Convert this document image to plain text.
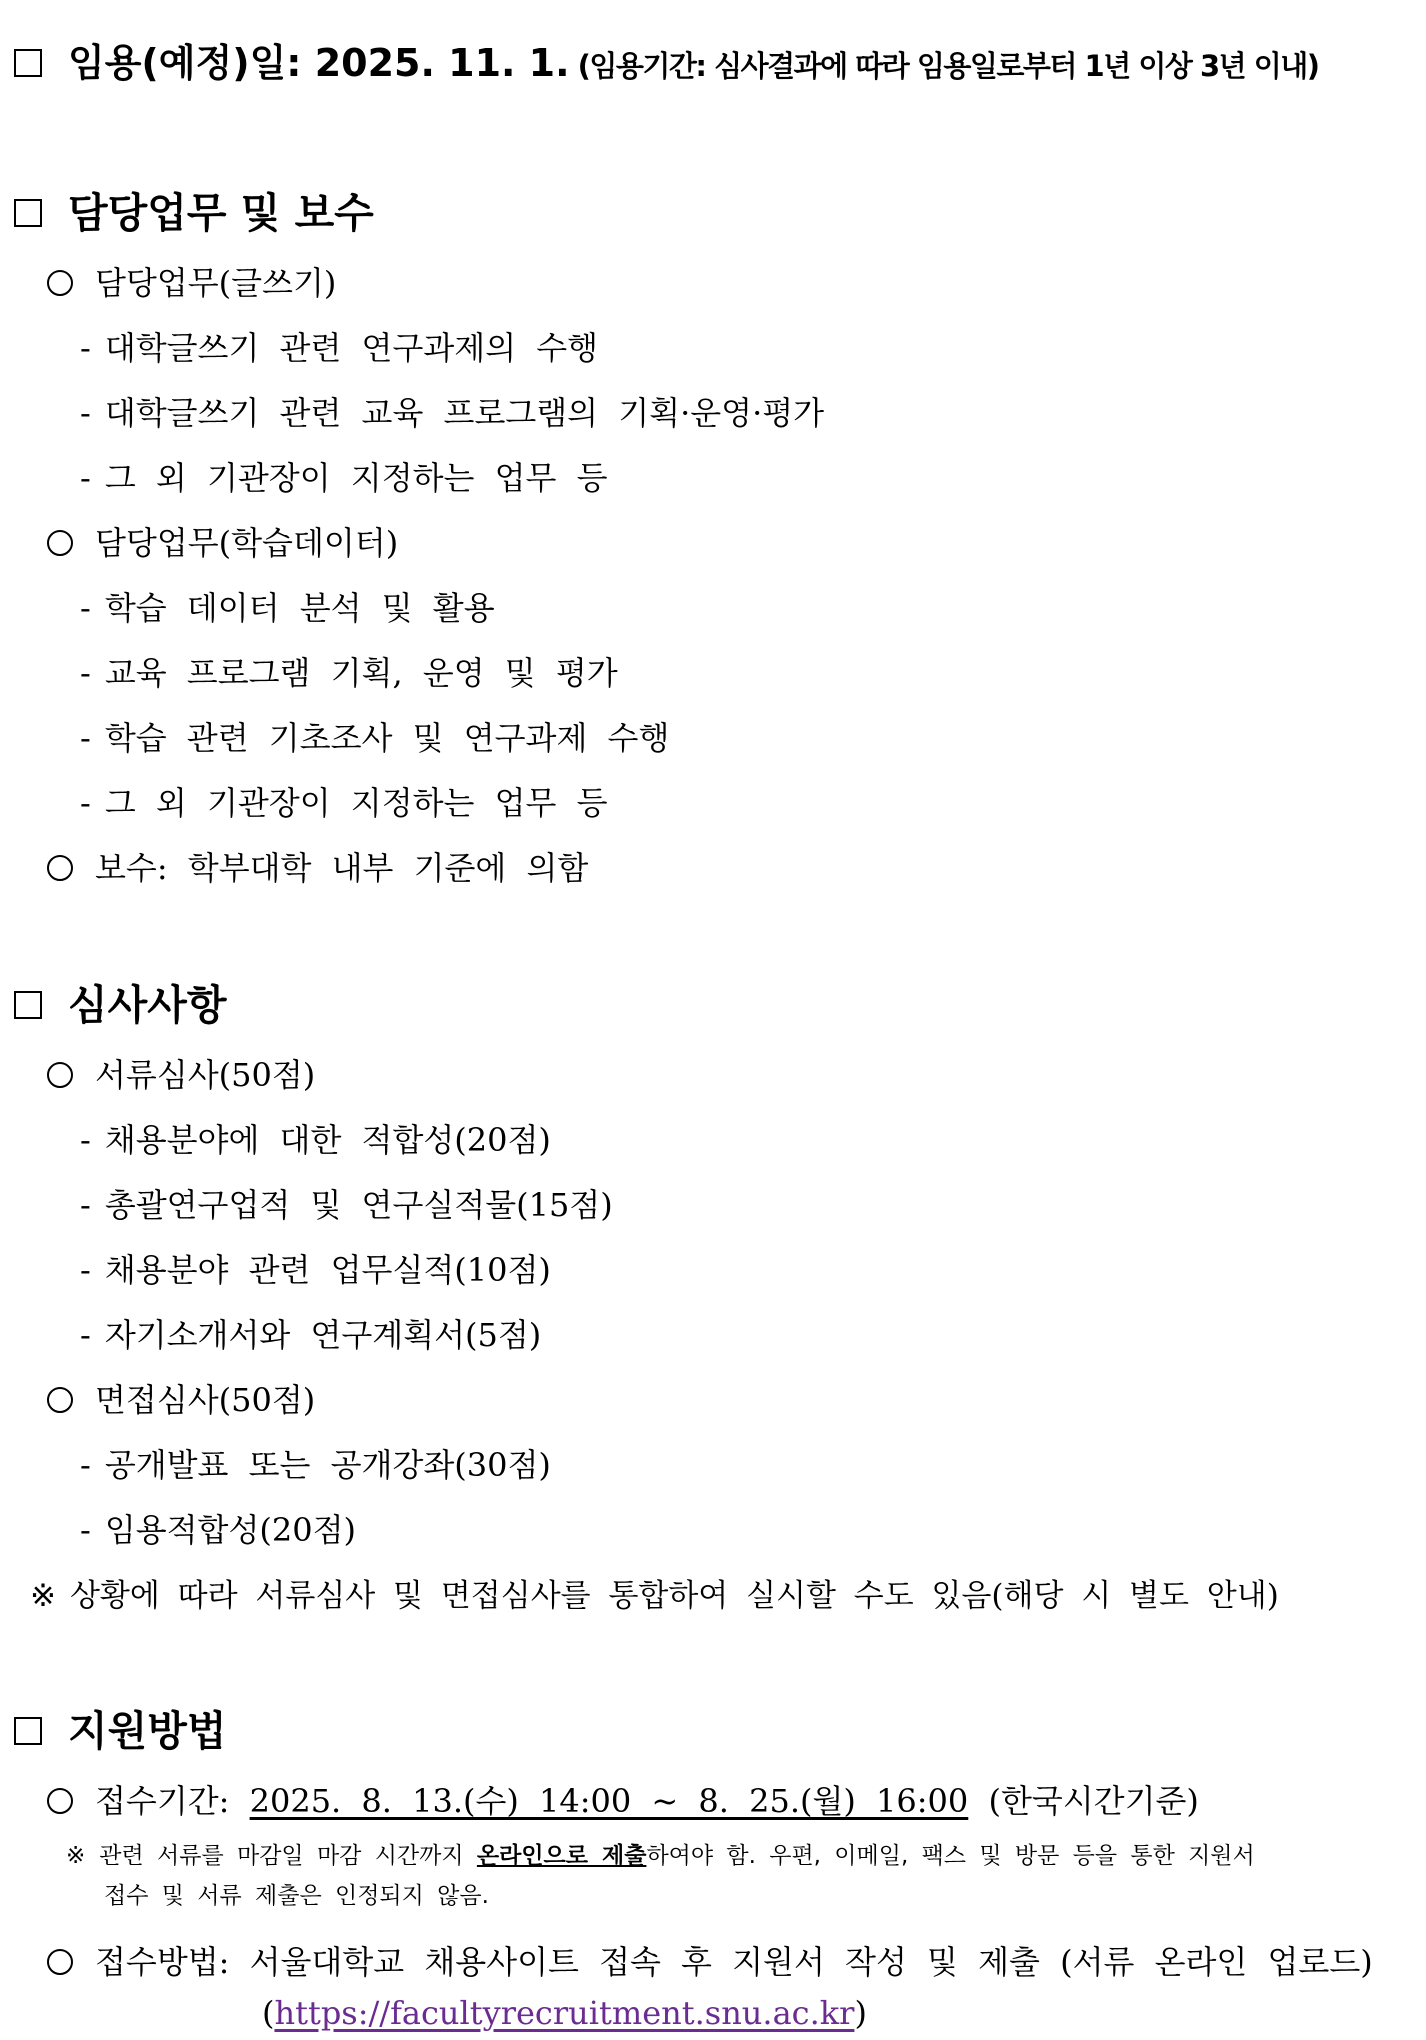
임용(예정)일: 2025. 11. 1. (임용기간: 심사결과에 따라 임용일로부터 1년 이상 3년 이내)
담당업무 및 보수
담당업무(글쓰기)
- 대학글쓰기 관련 연구과제의 수행
- 대학글쓰기 관련 교육 프로그램의 기획·운영·평가
- 그 외 기관장이 지정하는 업무 등
담당업무(학습데이터)
- 학습 데이터 분석 및 활용
- 교육 프로그램 기획, 운영 및 평가
- 학습 관련 기초조사 및 연구과제 수행
- 그 외 기관장이 지정하는 업무 등
보수: 학부대학 내부 기준에 의함
심사사항
서류심사(50점)
- 채용분야에 대한 적합성(20점)
- 총괄연구업적 및 연구실적물(15점)
- 채용분야 관련 업무실적(10점)
- 자기소개서와 연구계획서(5점)
면접심사(50점)
- 공개발표 또는 공개강좌(30점)
- 임용적합성(20점)
※ 상황에 따라 서류심사 및 면접심사를 통합하여 실시할 수도 있음(해당 시 별도 안내)
지원방법
접수기간: 2025. 8. 13.(수) 14:00 ~ 8. 25.(월) 16:00 (한국시간기준)
※ 관련 서류를 마감일 마감 시간까지 온라인으로 제출하여야 함. 우편, 이메일, 팩스 및 방문 등을 통한 지원서
접수 및 서류 제출은 인정되지 않음.
접수방법: 서울대학교 채용사이트 접속 후 지원서 작성 및 제출 (서류 온라인 업로드)
(https://facultyrecruitment.snu.ac.kr)
